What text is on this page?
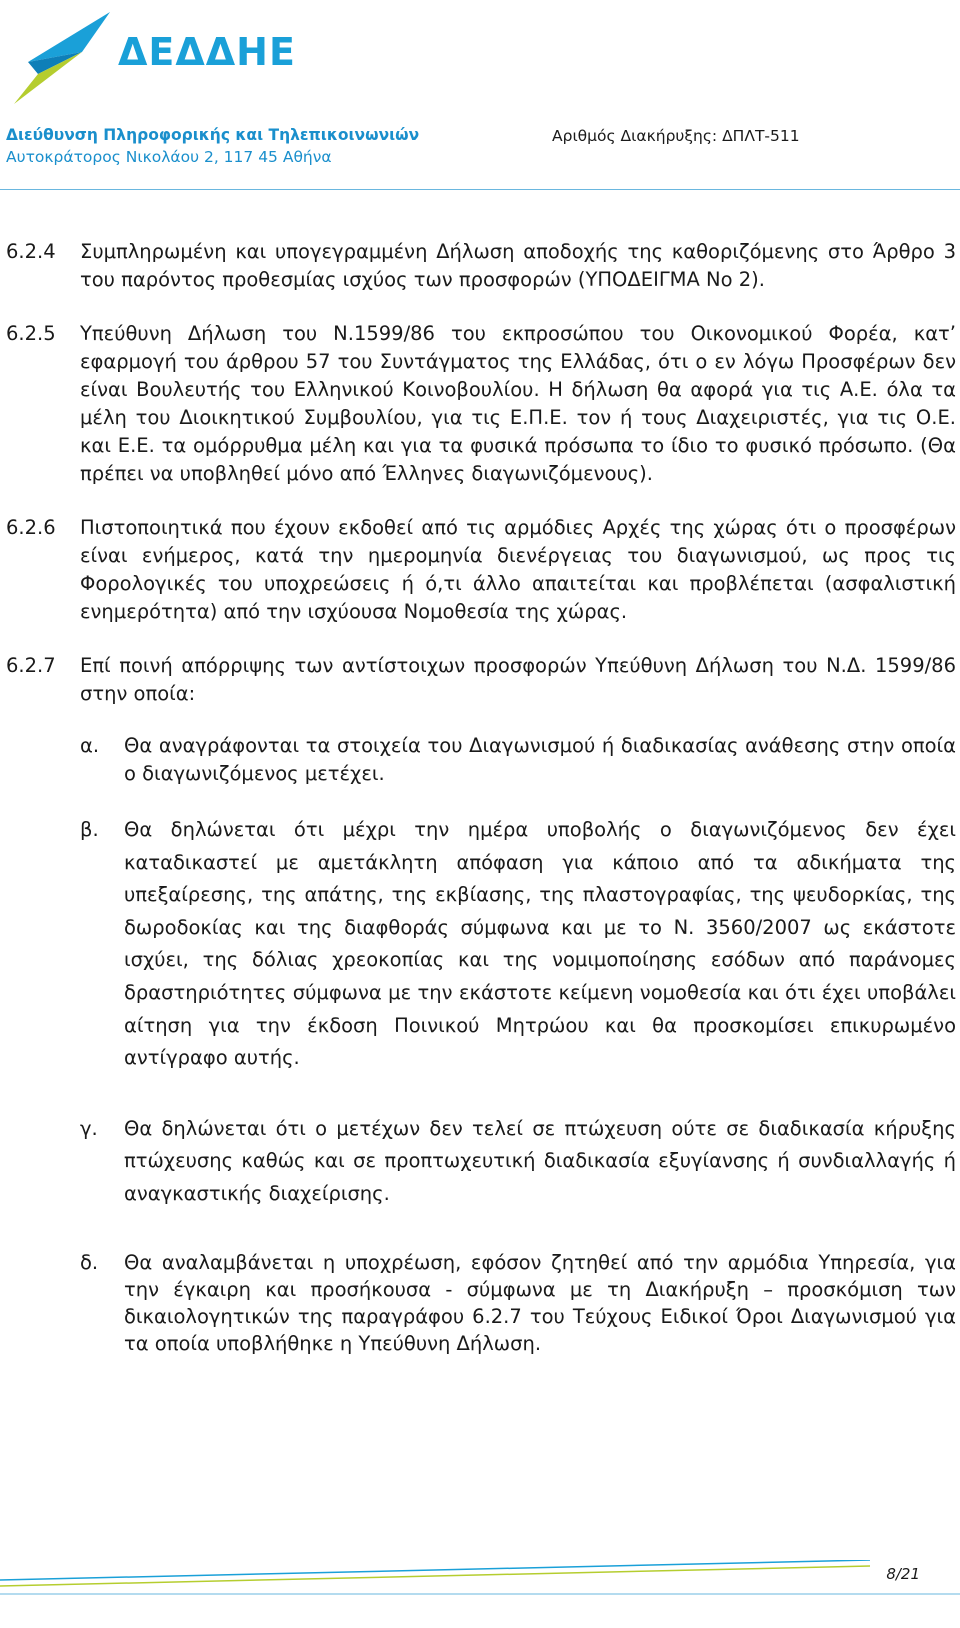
ΔΕΔΔΗΕ
Διεύθυνση Πληροφορικής και Τηλεπικοινωνιών
Αυτοκράτορος Νικολάου 2, 117 45 Αθήνα
Αριθμός Διακήρυξης: ΔΠΛΤ-511
6.2.4	Συμπληρωμένη και υπογεγραμμένη Δήλωση αποδοχής της καθοριζόμενης στο Άρθρο 3 του παρόντος προθεσμίας ισχύος των προσφορών (ΥΠΟΔΕΙΓΜΑ Νο 2).
6.2.5	Υπεύθυνη Δήλωση του Ν.1599/86 του εκπροσώπου του Οικονομικού Φορέα, κατ’ εφαρμογή του άρθρου 57 του Συντάγματος της Ελλάδας, ότι ο εν λόγω Προσφέρων δεν είναι Βουλευτής του Ελληνικού Κοινοβουλίου. Η δήλωση θα αφορά για τις Α.Ε. όλα τα μέλη του Διοικητικού Συμβουλίου, για τις Ε.Π.Ε. τον ή τους Διαχειριστές, για τις Ο.Ε. και Ε.Ε. τα ομόρρυθμα μέλη και για τα φυσικά πρόσωπα το ίδιο το φυσικό πρόσωπο. (Θα πρέπει να υποβληθεί μόνο από Έλληνες διαγωνιζόμενους).
6.2.6	Πιστοποιητικά που έχουν εκδοθεί από τις αρμόδιες Αρχές της χώρας ότι ο προσφέρων είναι ενήμερος, κατά την ημερομηνία διενέργειας του διαγωνισμού, ως προς τις Φορολογικές του υποχρεώσεις ή ό,τι άλλο απαιτείται και προβλέπεται (ασφαλιστική ενημερότητα) από την ισχύουσα Νομοθεσία της χώρας.
6.2.7	Επί ποινή απόρριψης των αντίστοιχων προσφορών Υπεύθυνη Δήλωση του Ν.Δ. 1599/86 στην οποία:
α.	Θα αναγράφονται τα στοιχεία του Διαγωνισμού ή διαδικασίας ανάθεσης στην οποία ο διαγωνιζόμενος μετέχει.
β.	Θα δηλώνεται ότι μέχρι την ημέρα υποβολής ο διαγωνιζόμενος δεν έχει καταδικαστεί με αμετάκλητη απόφαση για κάποιο από τα αδικήματα της υπεξαίρεσης, της απάτης, της εκβίασης, της πλαστογραφίας, της ψευδορκίας, της δωροδοκίας και της διαφθοράς σύμφωνα και με το Ν. 3560/2007 ως εκάστοτε ισχύει, της δόλιας χρεοκοπίας και της νομιμοποίησης εσόδων από παράνομες δραστηριότητες σύμφωνα με την εκάστοτε κείμενη νομοθεσία και ότι έχει υποβάλει αίτηση για την έκδοση Ποινικού Μητρώου και θα προσκομίσει επικυρωμένο αντίγραφο αυτής.
γ.	Θα δηλώνεται ότι ο μετέχων δεν τελεί σε πτώχευση ούτε σε διαδικασία κήρυξης πτώχευσης καθώς και σε προπτωχευτική διαδικασία εξυγίανσης ή συνδιαλλαγής ή αναγκαστικής διαχείρισης.
δ.	Θα αναλαμβάνεται η υποχρέωση, εφόσον ζητηθεί από την αρμόδια Υπηρεσία, για την έγκαιρη και προσήκουσα - σύμφωνα με τη Διακήρυξη – προσκόμιση των δικαιολογητικών της παραγράφου 6.2.7 του Τεύχους Ειδικοί Όροι Διαγωνισμού για τα οποία υποβλήθηκε η Υπεύθυνη Δήλωση.
8/21
